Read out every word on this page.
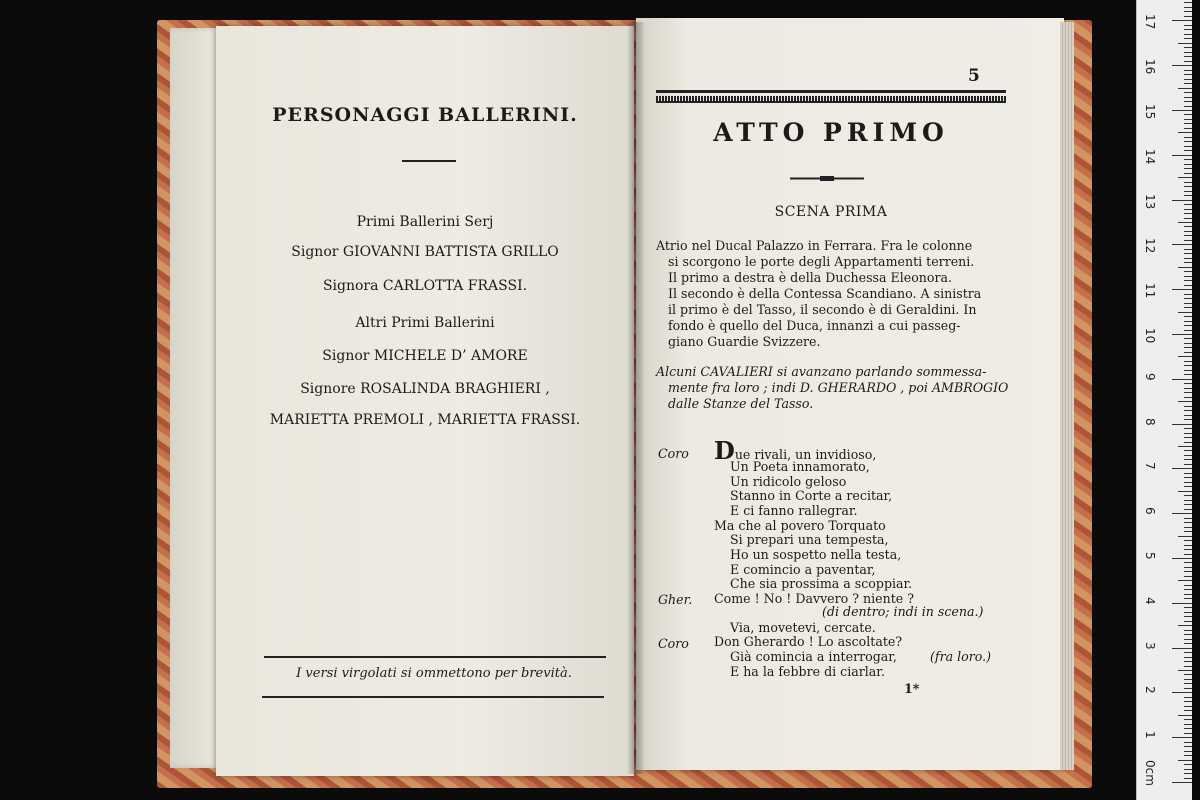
PERSONAGGI BALLERINI.
Primi Ballerini Serj
Signor GIOVANNI BATTISTA GRILLO
Signora CARLOTTA FRASSI.
Altri Primi Ballerini
Signor MICHELE D’ AMORE
Signore ROSALINDA BRAGHIERI ,
MARIETTA PREMOLI , MARIETTA FRASSI.
I versi virgolati si ommettono per brevità.
5
ATTO PRIMO
SCENA PRIMA
Atrio nel Ducal Palazzo in Ferrara. Fra le colonne
si scorgono le porte degli Appartamenti terreni.
Il primo a destra è della Duchessa Eleonora.
Il secondo è della Contessa Scandiano. A sinistra
il primo è del Tasso, il secondo è di Geraldini. In
fondo è quello del Duca, innanzi a cui passeg-
giano Guardie Svizzere.
Alcuni CAVALIERI si avanzano parlando sommessa-
mente fra loro ; indi D. GHERARDO , poi AMBROGIO
dalle Stanze del Tasso.
Coro Due rivali, un invidioso,
Un Poeta innamorato,
Un ridicolo geloso
Stanno in Corte a recitar,
E ci fanno rallegrar.
Ma che al povero Torquato
Si prepari una tempesta,
Ho un sospetto nella testa,
E comincio a paventar,
Che sia prossima a scoppiar.
Gher. Come ! No ! Davvero ? niente ?
(di dentro; indi in scena.)
Via, movetevi, cercate.
Coro Don Gherardo ! Lo ascoltate?
Già comincia a interrogar,	(fra loro.)
E ha la febbre di ciarlar.
1*
0cm
1
2
3
4
5
6
7
8
9
10
11
12
13
14
15
16
17
